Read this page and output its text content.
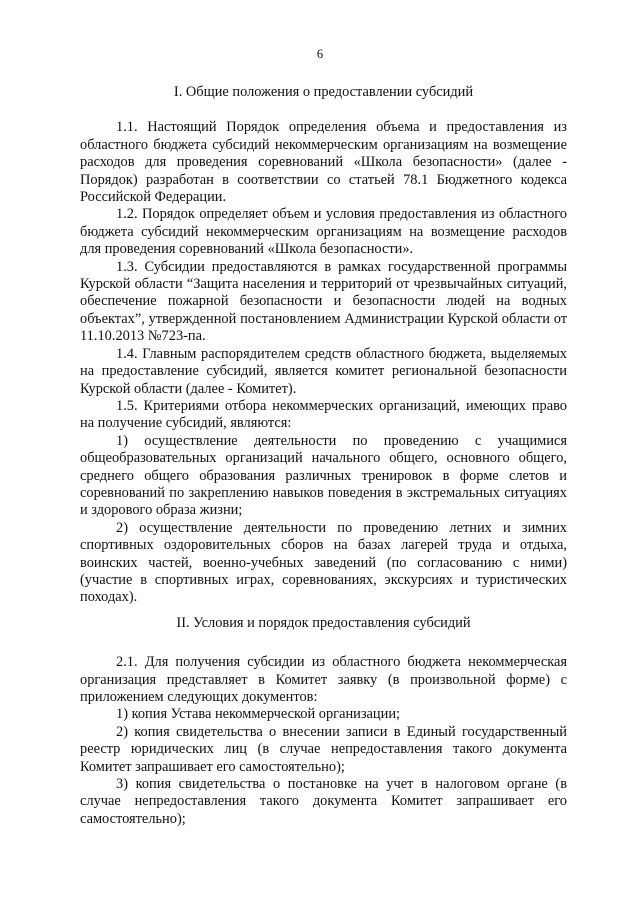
6

I. Общие положения о предоставлении субсидий

1.1. Настоящий Порядок определения объема и предоставления из областного бюджета субсидий некоммерческим организациям на возмещение расходов для проведения соревнований «Школа безопасности» (далее - Порядок) разработан в соответствии со статьей 78.1 Бюджетного кодекса Российской Федерации.

1.2. Порядок определяет объем и условия предоставления из областного бюджета субсидий некоммерческим организациям на возмещение расходов для проведения соревнований «Школа безопасности».

1.3. Субсидии предоставляются в рамках государственной программы Курской области “Защита населения и территорий от чрезвычайных ситуаций, обеспечение пожарной безопасности и безопасности людей на водных объектах”, утвержденной постановлением Администрации Курской области от 11.10.2013 №723-па.

1.4. Главным распорядителем средств областного бюджета, выделяемых на предоставление субсидий, является комитет региональной безопасности Курской области (далее - Комитет).

1.5. Критериями отбора некоммерческих организаций, имеющих право на получение субсидий, являются:

1) осуществление деятельности по проведению с учащимися общеобразовательных организаций начального общего, основного общего, среднего общего образования различных тренировок в форме слетов и соревнований по закреплению навыков поведения в экстремальных ситуациях и здорового образа жизни;

2) осуществление деятельности по проведению летних и зимних спортивных оздоровительных сборов на базах лагерей труда и отдыха, воинских частей, военно-учебных заведений (по согласованию с ними) (участие в спортивных играх, соревнованиях, экскурсиях и туристических походах).

II. Условия и порядок предоставления субсидий

2.1. Для получения субсидии из областного бюджета некоммерческая организация представляет в Комитет заявку (в произвольной форме) с приложением следующих документов:

1) копия Устава некоммерческой организации;

2) копия свидетельства о внесении записи в Единый государственный реестр юридических лиц (в случае непредоставления такого документа Комитет запрашивает его самостоятельно);

3) копия свидетельства о постановке на учет в налоговом органе (в случае непредоставления такого документа Комитет запрашивает его самостоятельно);
